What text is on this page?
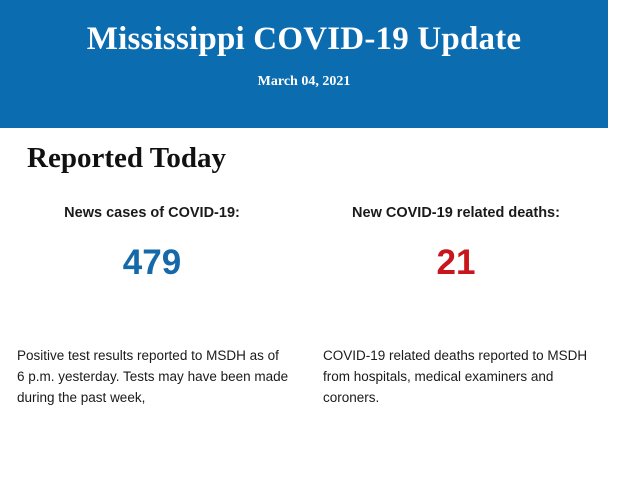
Mississippi COVID-19 Update
March 04, 2021
Reported Today
News cases of COVID-19:
479
Positive test results reported to MSDH as of 6 p.m. yesterday. Tests may have been made during the past week,
New COVID-19 related deaths:
21
COVID-19 related deaths reported to MSDH from hospitals, medical examiners and coroners.
